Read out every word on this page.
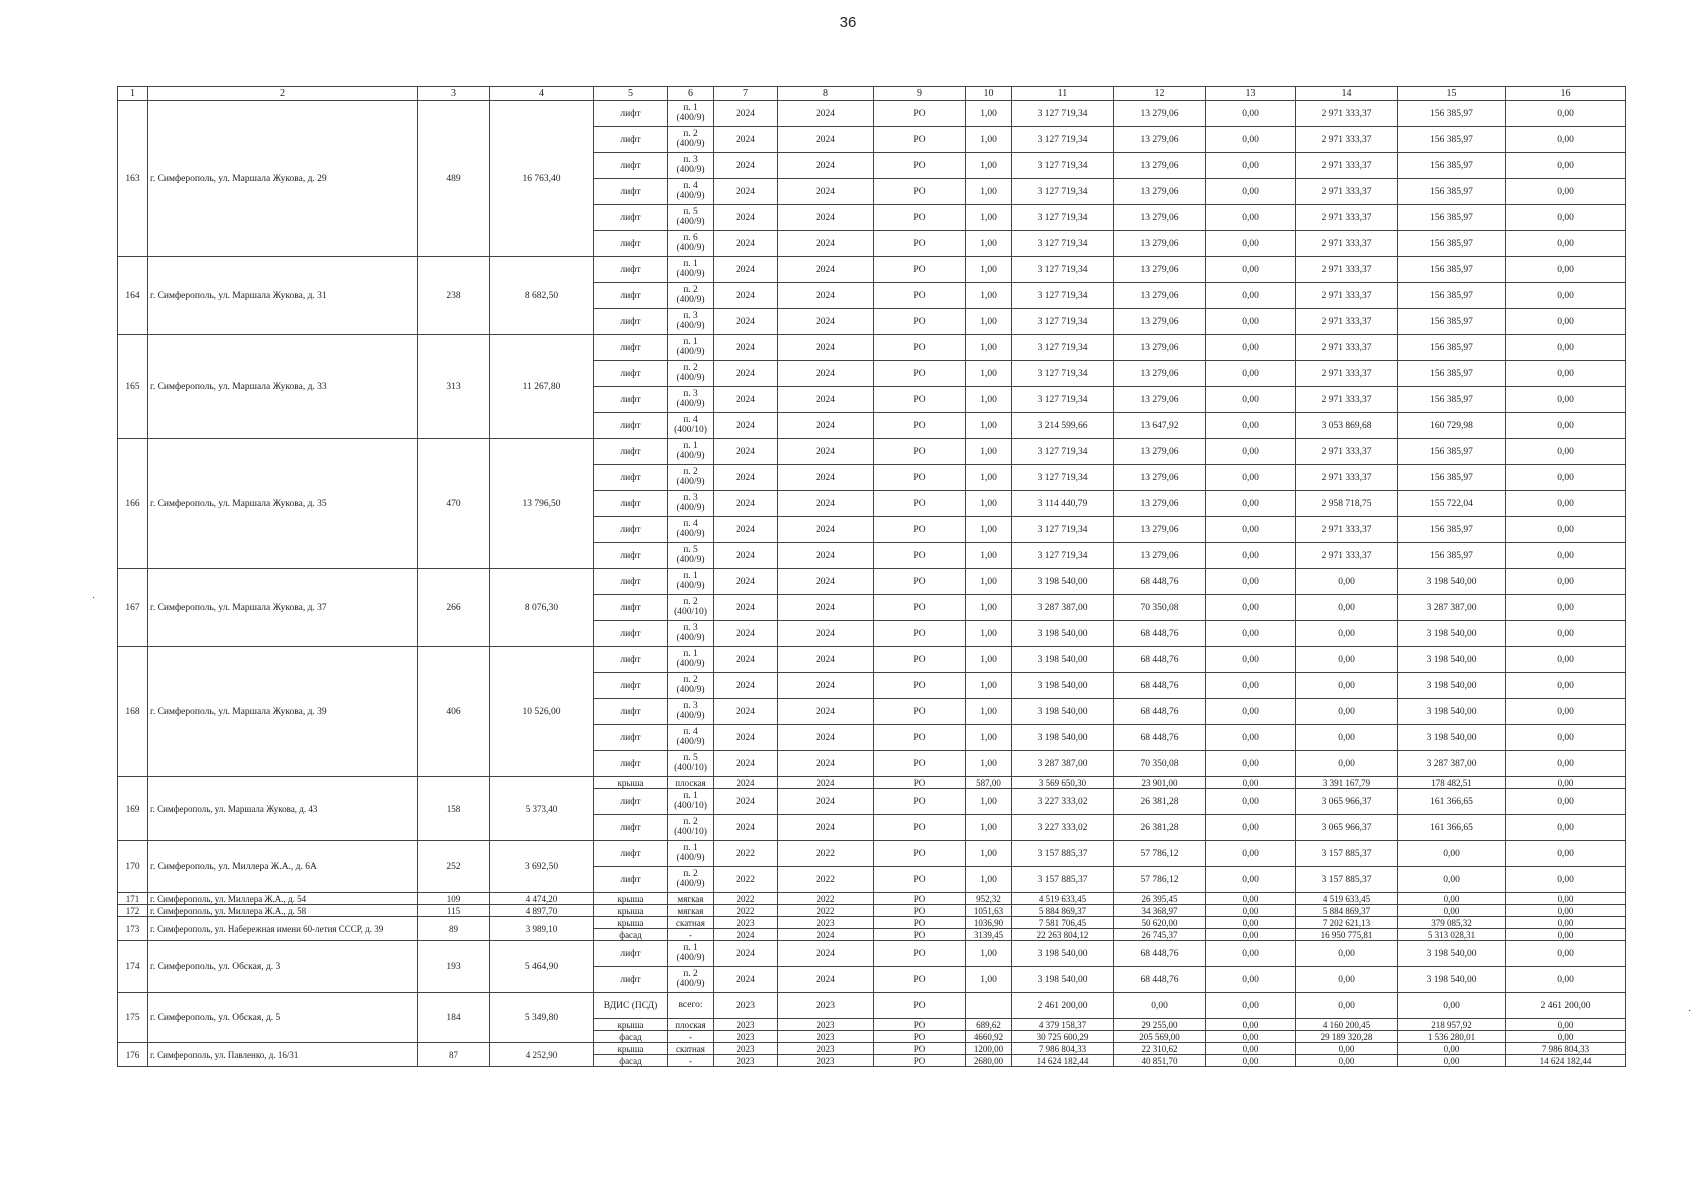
36
1	2	3	4	5	6	7	8	9	10	11	12	13	14	15	16
163	г. Симферополь, ул. Маршала Жукова, д. 29	489	16 763,40	лифт	п. 1 (400/9)	2024	2024	РО	1,00	3 127 719,34	13 279,06	0,00	2 971 333,37	156 385,97	0,00
				лифт	п. 2 (400/9)	2024	2024	РО	1,00	3 127 719,34	13 279,06	0,00	2 971 333,37	156 385,97	0,00
				лифт	п. 3 (400/9)	2024	2024	РО	1,00	3 127 719,34	13 279,06	0,00	2 971 333,37	156 385,97	0,00
				лифт	п. 4 (400/9)	2024	2024	РО	1,00	3 127 719,34	13 279,06	0,00	2 971 333,37	156 385,97	0,00
				лифт	п. 5 (400/9)	2024	2024	РО	1,00	3 127 719,34	13 279,06	0,00	2 971 333,37	156 385,97	0,00
				лифт	п. 6 (400/9)	2024	2024	РО	1,00	3 127 719,34	13 279,06	0,00	2 971 333,37	156 385,97	0,00
164	г. Симферополь, ул. Маршала Жукова, д. 31	238	8 682,50	лифт	п. 1 (400/9)	2024	2024	РО	1,00	3 127 719,34	13 279,06	0,00	2 971 333,37	156 385,97	0,00
				лифт	п. 2 (400/9)	2024	2024	РО	1,00	3 127 719,34	13 279,06	0,00	2 971 333,37	156 385,97	0,00
				лифт	п. 3 (400/9)	2024	2024	РО	1,00	3 127 719,34	13 279,06	0,00	2 971 333,37	156 385,97	0,00
165	г. Симферополь, ул. Маршала Жукова, д. 33	313	11 267,80	лифт	п. 1 (400/9)	2024	2024	РО	1,00	3 127 719,34	13 279,06	0,00	2 971 333,37	156 385,97	0,00
				лифт	п. 2 (400/9)	2024	2024	РО	1,00	3 127 719,34	13 279,06	0,00	2 971 333,37	156 385,97	0,00
				лифт	п. 3 (400/9)	2024	2024	РО	1,00	3 127 719,34	13 279,06	0,00	2 971 333,37	156 385,97	0,00
				лифт	п. 4 (400/10)	2024	2024	РО	1,00	3 214 599,66	13 647,92	0,00	3 053 869,68	160 729,98	0,00
166	г. Симферополь, ул. Маршала Жукова, д. 35	470	13 796,50	лифт	п. 1 (400/9)	2024	2024	РО	1,00	3 127 719,34	13 279,06	0,00	2 971 333,37	156 385,97	0,00
				лифт	п. 2 (400/9)	2024	2024	РО	1,00	3 127 719,34	13 279,06	0,00	2 971 333,37	156 385,97	0,00
				лифт	п. 3 (400/9)	2024	2024	РО	1,00	3 114 440,79	13 279,06	0,00	2 958 718,75	155 722,04	0,00
				лифт	п. 4 (400/9)	2024	2024	РО	1,00	3 127 719,34	13 279,06	0,00	2 971 333,37	156 385,97	0,00
				лифт	п. 5 (400/9)	2024	2024	РО	1,00	3 127 719,34	13 279,06	0,00	2 971 333,37	156 385,97	0,00
167	г. Симферополь, ул. Маршала Жукова, д. 37	266	8 076,30	лифт	п. 1 (400/9)	2024	2024	РО	1,00	3 198 540,00	68 448,76	0,00	0,00	3 198 540,00	0,00
				лифт	п. 2 (400/10)	2024	2024	РО	1,00	3 287 387,00	70 350,08	0,00	0,00	3 287 387,00	0,00
				лифт	п. 3 (400/9)	2024	2024	РО	1,00	3 198 540,00	68 448,76	0,00	0,00	3 198 540,00	0,00
168	г. Симферополь, ул. Маршала Жукова, д. 39	406	10 526,00	лифт	п. 1 (400/9)	2024	2024	РО	1,00	3 198 540,00	68 448,76	0,00	0,00	3 198 540,00	0,00
				лифт	п. 2 (400/9)	2024	2024	РО	1,00	3 198 540,00	68 448,76	0,00	0,00	3 198 540,00	0,00
				лифт	п. 3 (400/9)	2024	2024	РО	1,00	3 198 540,00	68 448,76	0,00	0,00	3 198 540,00	0,00
				лифт	п. 4 (400/9)	2024	2024	РО	1,00	3 198 540,00	68 448,76	0,00	0,00	3 198 540,00	0,00
				лифт	п. 5 (400/10)	2024	2024	РО	1,00	3 287 387,00	70 350,08	0,00	0,00	3 287 387,00	0,00
169	г. Симферополь, ул. Маршала Жукова, д. 43	158	5 373,40	крыша	плоская	2024	2024	РО	587,00	3 569 650,30	23 901,00	0,00	3 391 167,79	178 482,51	0,00
				лифт	п. 1 (400/10)	2024	2024	РО	1,00	3 227 333,02	26 381,28	0,00	3 065 966,37	161 366,65	0,00
				лифт	п. 2 (400/10)	2024	2024	РО	1,00	3 227 333,02	26 381,28	0,00	3 065 966,37	161 366,65	0,00
170	г. Симферополь, ул. Миллера Ж.А., д. 6А	252	3 692,50	лифт	п. 1 (400/9)	2022	2022	РО	1,00	3 157 885,37	57 786,12	0,00	3 157 885,37	0,00	0,00
				лифт	п. 2 (400/9)	2022	2022	РО	1,00	3 157 885,37	57 786,12	0,00	3 157 885,37	0,00	0,00
171	г. Симферополь, ул. Миллера Ж.А., д. 54	109	4 474,20	крыша	мягкая	2022	2022	РО	952,32	4 519 633,45	26 395,45	0,00	4 519 633,45	0,00	0,00
172	г. Симферополь, ул. Миллера Ж.А., д. 58	115	4 897,70	крыша	мягкая	2022	2022	РО	1051,63	5 884 869,37	34 368,97	0,00	5 884 869,37	0,00	0,00
173	г. Симферополь, ул. Набережная имени 60-летия СССР, д. 39	89	3 989,10	крыша	скатная	2023	2023	РО	1036,90	7 581 706,45	50 620,00	0,00	7 202 621,13	379 085,32	0,00
				фасад	-	2024	2024	РО	3139,45	22 263 804,12	26 745,37	0,00	16 950 775,81	5 313 028,31	0,00
174	г. Симферополь, ул. Обская, д. 3	193	5 464,90	лифт	п. 1 (400/9)	2024	2024	РО	1,00	3 198 540,00	68 448,76	0,00	0,00	3 198 540,00	0,00
				лифт	п. 2 (400/9)	2024	2024	РО	1,00	3 198 540,00	68 448,76	0,00	0,00	3 198 540,00	0,00
175	г. Симферополь, ул. Обская, д. 5	184	5 349,80	ВДИС (ПСД)	всего:	2023	2023	РО		2 461 200,00	0,00	0,00	0,00	0,00	2 461 200,00
				крыша	плоская	2023	2023	РО	689,62	4 379 158,37	29 255,00	0,00	4 160 200,45	218 957,92	0,00
				фасад	-	2023	2023	РО	4660,92	30 725 600,29	205 569,00	0,00	29 189 320,28	1 536 280,01	0,00
176	г. Симферополь, ул. Павленко, д. 16/31	87	4 252,90	крыша	скатная	2023	2023	РО	1200,00	7 986 804,33	22 310,62	0,00	0,00	0,00	7 986 804,33
				фасад	-	2023	2023	РО	2680,00	14 624 182,44	40 851,70	0,00	0,00	0,00	14 624 182,44
·
·
